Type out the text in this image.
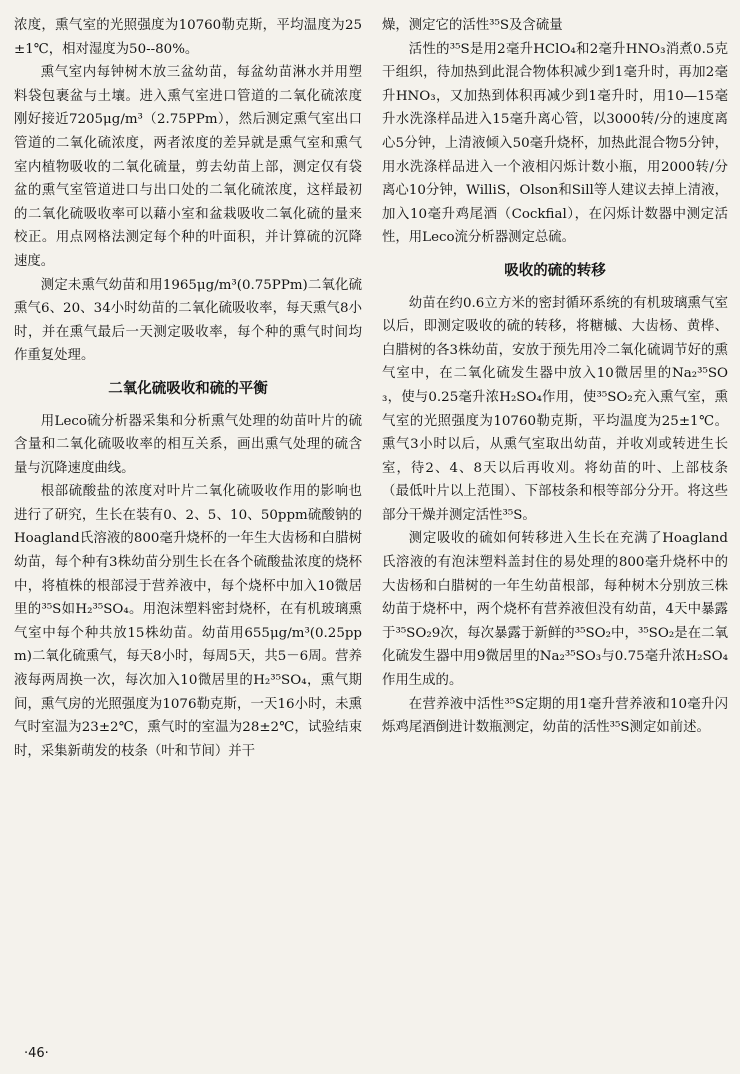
浓度，熏气室的光照强度为10760勒克斯，平均温度为25±1℃，相对湿度为50--80%。

熏气室内每钟树木放三盆幼苗，每盆幼苗淋水并用塑料袋包裹盆与土壤。进入熏气室进口管道的二氧化硫浓度刚好接近7205μg/m³（2.75PPm），然后测定熏气室出口管道的二氧化硫浓度，两者浓度的差异就是熏气室和熏气室内植物吸收的二氧化硫量，剪去幼苗上部，测定仅有袋盆的熏气室管道进口与出口处的二氧化硫浓度，这样最初的二氧化硫吸收率可以藉小室和盆栽吸收二氧化硫的量来校正。用点网格法测定每个种的叶面积，并计算硫的沉降速度。

测定未熏气幼苗和用1965μg/m³(0.75PPm)二氧化硫熏气6、20、34小时幼苗的二氧化硫吸收率，每天熏气8小时，并在熏气最后一天测定吸收率，每个种的熏气时间均作重复处理。

二氧化硫吸收和硫的平衡

用Leco硫分析器采集和分析熏气处理的幼苗叶片的硫含量和二氧化硫吸收率的相互关系，画出熏气处理的硫含量与沉降速度曲线。

根部硫酸盐的浓度对叶片二氧化硫吸收作用的影响也进行了研究，生长在装有0、2、5、10、50ppm硫酸钠的Hoagland氏溶液的800毫升烧杯的一年生大齿杨和白腊树幼苗，每个种有3株幼苗分别生长在各个硫酸盐浓度的烧杯中，将植株的根部浸于营养液中，每个烧杯中加入10微居里的³⁵S如H₂³⁵SO₄。用泡沫塑料密封烧杯，在有机玻璃熏气室中每个种共放15株幼苗。幼苗用655μg/m³(0.25ppm)二氧化硫熏气，每天8小时，每周5天，共5－6周。营养液每两周换一次，每次加入10微居里的H₂³⁵SO₄，熏气期间，熏气房的光照强度为1076勒克斯，一天16小时，未熏气时室温为23±2℃，熏气时的室温为28±2℃，试验结束时，采集新萌发的枝条（叶和节间）并干

燥，测定它的活性³⁵S及含硫量

活性的³⁵S是用2毫升HClO₄和2毫升HNO₃消煮0.5克干组织，待加热到此混合物体积减少到1毫升时，再加2毫升HNO₃，又加热到体积再减少到1毫升时，用10—15毫升水洗涤样品进入15毫升离心管，以3000转/分的速度离心5分钟，上清液倾入50毫升烧杯，加热此混合物5分钟，用水洗涤样品进入一个液相闪烁计数小瓶，用2000转/分离心10分钟，WilliS，Olson和Sill等人建议去掉上清液，加入10毫升鸡尾酒（Cockfial），在闪烁计数器中测定活性，用Leco流分析器测定总硫。

吸收的硫的转移

幼苗在约0.6立方米的密封循环系统的有机玻璃熏气室以后，即测定吸收的硫的转移，将糖槭、大齿杨、黄桦、白腊树的各3株幼苗，安放于预先用冷二氧化硫调节好的熏气室中，在二氧化硫发生器中放入10微居里的Na₂³⁵SO₃，使与0.25毫升浓H₂SO₄作用，使³⁵SO₂充入熏气室，熏气室的光照强度为10760勒克斯，平均温度为25±1℃。熏气3小时以后，从熏气室取出幼苗，并收刈或转进生长室，待2、4、8天以后再收刈。将幼苗的叶、上部枝条（最低叶片以上范围）、下部枝条和根等部分分开。将这些部分干燥并测定活性³⁵S。

测定吸收的硫如何转移进入生长在充满了Hoagland氏溶液的有泡沫塑料盖封住的易处理的800毫升烧杯中的大齿杨和白腊树的一年生幼苗根部，每种树木分别放三株幼苗于烧杯中，两个烧杯有营养液但没有幼苗，4天中暴露于³⁵SO₂9次，每次暴露于新鲜的³⁵SO₂中，³⁵SO₂是在二氧化硫发生器中用9微居里的Na₂³⁵SO₃与0.75毫升浓H₂SO₄作用生成的。

在营养液中活性³⁵S定期的用1毫升营养液和10毫升闪烁鸡尾酒倒进计数瓶测定，幼苗的活性³⁵S测定如前述。

·46·
